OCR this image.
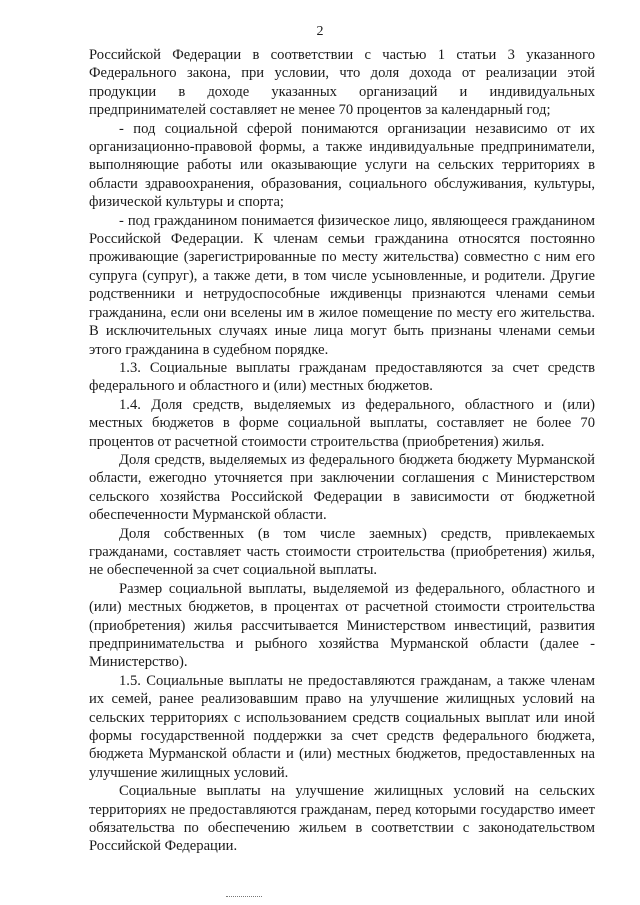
2

Российской Федерации в соответствии с частью 1 статьи 3 указанного Федерального закона, при условии, что доля дохода от реализации этой продукции в доходе указанных организаций и индивидуальных предпринимателей составляет не менее 70 процентов за календарный год;

- под социальной сферой понимаются организации независимо от их организационно-правовой формы, а также индивидуальные предприниматели, выполняющие работы или оказывающие услуги на сельских территориях в области здравоохранения, образования, социального обслуживания, культуры, физической культуры и спорта;

- под гражданином понимается физическое лицо, являющееся гражданином Российской Федерации. К членам семьи гражданина относятся постоянно проживающие (зарегистрированные по месту жительства) совместно с ним его супруга (супруг), а также дети, в том числе усыновленные, и родители. Другие родственники и нетрудоспособные иждивенцы признаются членами семьи гражданина, если они вселены им в жилое помещение по месту его жительства. В исключительных случаях иные лица могут быть признаны членами семьи этого гражданина в судебном порядке.

1.3. Социальные выплаты гражданам предоставляются за счет средств федерального и областного и (или) местных бюджетов.

1.4. Доля средств, выделяемых из федерального, областного и (или) местных бюджетов в форме социальной выплаты, составляет не более 70 процентов от расчетной стоимости строительства (приобретения) жилья.

Доля средств, выделяемых из федерального бюджета бюджету Мурманской области, ежегодно уточняется при заключении соглашения с Министерством сельского хозяйства Российской Федерации в зависимости от бюджетной обеспеченности Мурманской области.

Доля собственных (в том числе заемных) средств, привлекаемых гражданами, составляет часть стоимости строительства (приобретения) жилья, не обеспеченной за счет социальной выплаты.

Размер социальной выплаты, выделяемой из федерального, областного и (или) местных бюджетов, в процентах от расчетной стоимости строительства (приобретения) жилья рассчитывается Министерством инвестиций, развития предпринимательства и рыбного хозяйства Мурманской области (далее - Министерство).

1.5. Социальные выплаты не предоставляются гражданам, а также членам их семей, ранее реализовавшим право на улучшение жилищных условий на сельских территориях с использованием средств социальных выплат или иной формы государственной поддержки за счет средств федерального бюджета, бюджета Мурманской области и (или) местных бюджетов, предоставленных на улучшение жилищных условий.

Социальные выплаты на улучшение жилищных условий на сельских территориях не предоставляются гражданам, перед которыми государство имеет обязательства по обеспечению жильем в соответствии с законодательством Российской Федерации.
